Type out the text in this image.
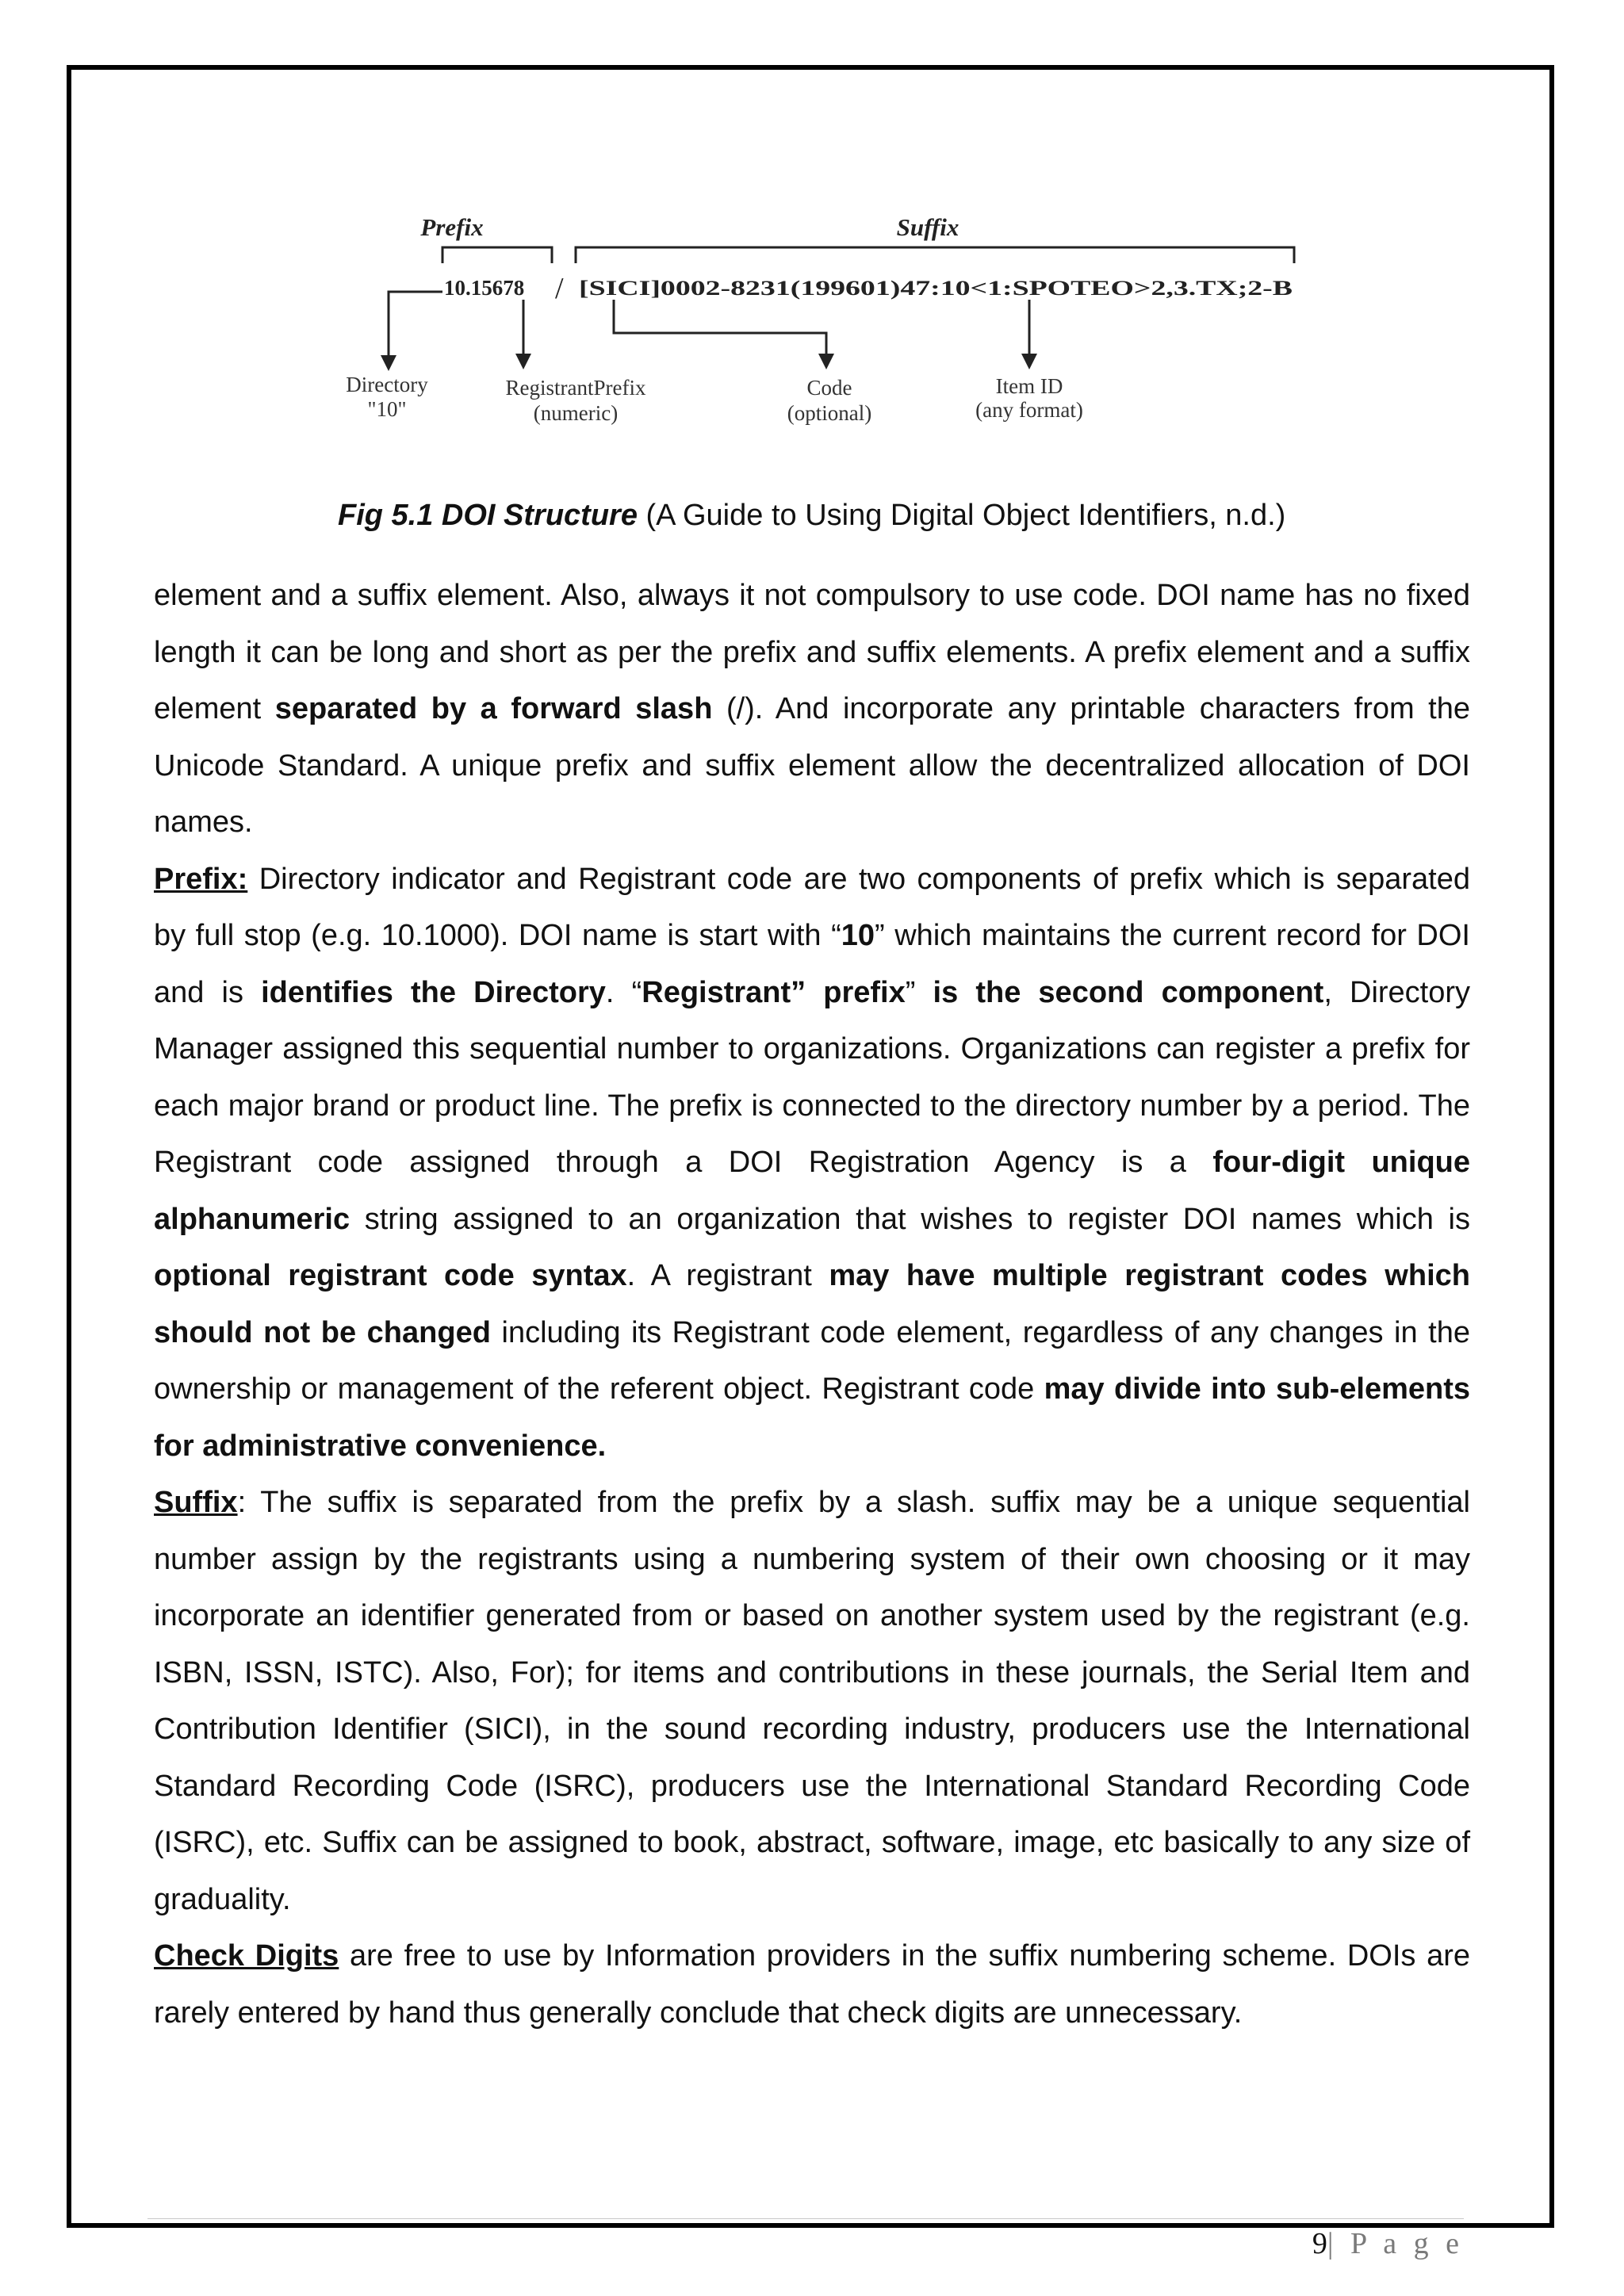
Prefix	Suffix
10.15678 / [SICI]0002-8231(199601)47:10<1:SPOTEO>2,3.TX;2-B
Directory
"10"
RegistrantPrefix
(numeric)
Code
(optional)
Item ID
(any format)
Fig 5.1 DOI Structure (A Guide to Using Digital Object Identifiers, n.d.)

element and a suffix element. Also, always it not compulsory to use code. DOI name has no fixed length it can be long and short as per the prefix and suffix elements. A prefix element and a suffix element separated by a forward slash (/). And incorporate any printable characters from the Unicode Standard. A unique prefix and suffix element allow the decentralized allocation of DOI names.

Prefix: Directory indicator and Registrant code are two components of prefix which is separated by full stop (e.g. 10.1000). DOI name is start with “10” which maintains the current record for DOI and is identifies the Directory. “Registrant” prefix” is the second component, Directory Manager assigned this sequential number to organizations. Organizations can register a prefix for each major brand or product line. The prefix is connected to the directory number by a period. The Registrant code assigned through a DOI Registration Agency is a four-digit unique alphanumeric string assigned to an organization that wishes to register DOI names which is optional registrant code syntax. A registrant may have multiple registrant codes which should not be changed including its Registrant code element, regardless of any changes in the ownership or management of the referent object. Registrant code may divide into sub-elements for administrative convenience.

Suffix: The suffix is separated from the prefix by a slash. suffix may be a unique sequential number assign by the registrants using a numbering system of their own choosing or it may incorporate an identifier generated from or based on another system used by the registrant (e.g. ISBN, ISSN, ISTC). Also, For); for items and contributions in these journals, the Serial Item and Contribution Identifier (SICI), in the sound recording industry, producers use the International Standard Recording Code (ISRC), producers use the International Standard Recording Code (ISRC), etc. Suffix can be assigned to book, abstract, software, image, etc basically to any size of graduality.

Check Digits are free to use by Information providers in the suffix numbering scheme. DOIs are rarely entered by hand thus generally conclude that check digits are unnecessary.

9| P a g e
